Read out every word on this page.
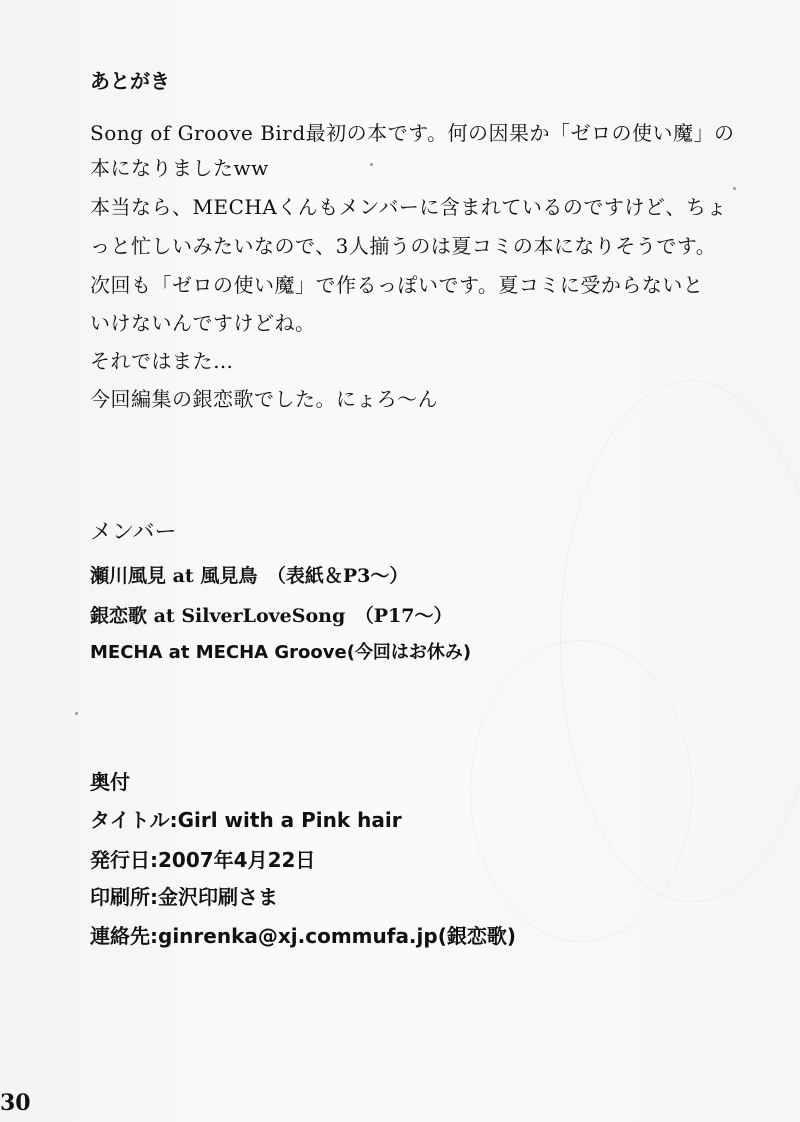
あとがき
Song of Groove Bird最初の本です。何の因果か「ゼロの使い魔」の
本になりましたww
本当なら、MECHAくんもメンバーに含まれているのですけど、ちょ
っと忙しいみたいなので、3人揃うのは夏コミの本になりそうです。
次回も「ゼロの使い魔」で作るっぽいです。夏コミに受からないと
いけないんですけどね。
それではまた…
今回編集の銀恋歌でした。にょろ～ん
メンバー
瀬川風見 at 風見鳥　（表紙＆P3～）
銀恋歌 at SilverLoveSong　（P17～）
MECHA at MECHA Groove(今回はお休み)
奥付
タイトル:Girl with a Pink hair
発行日:2007年4月22日
印刷所:金沢印刷さま
連絡先:ginrenka@xj.commufa.jp(銀恋歌)
30
